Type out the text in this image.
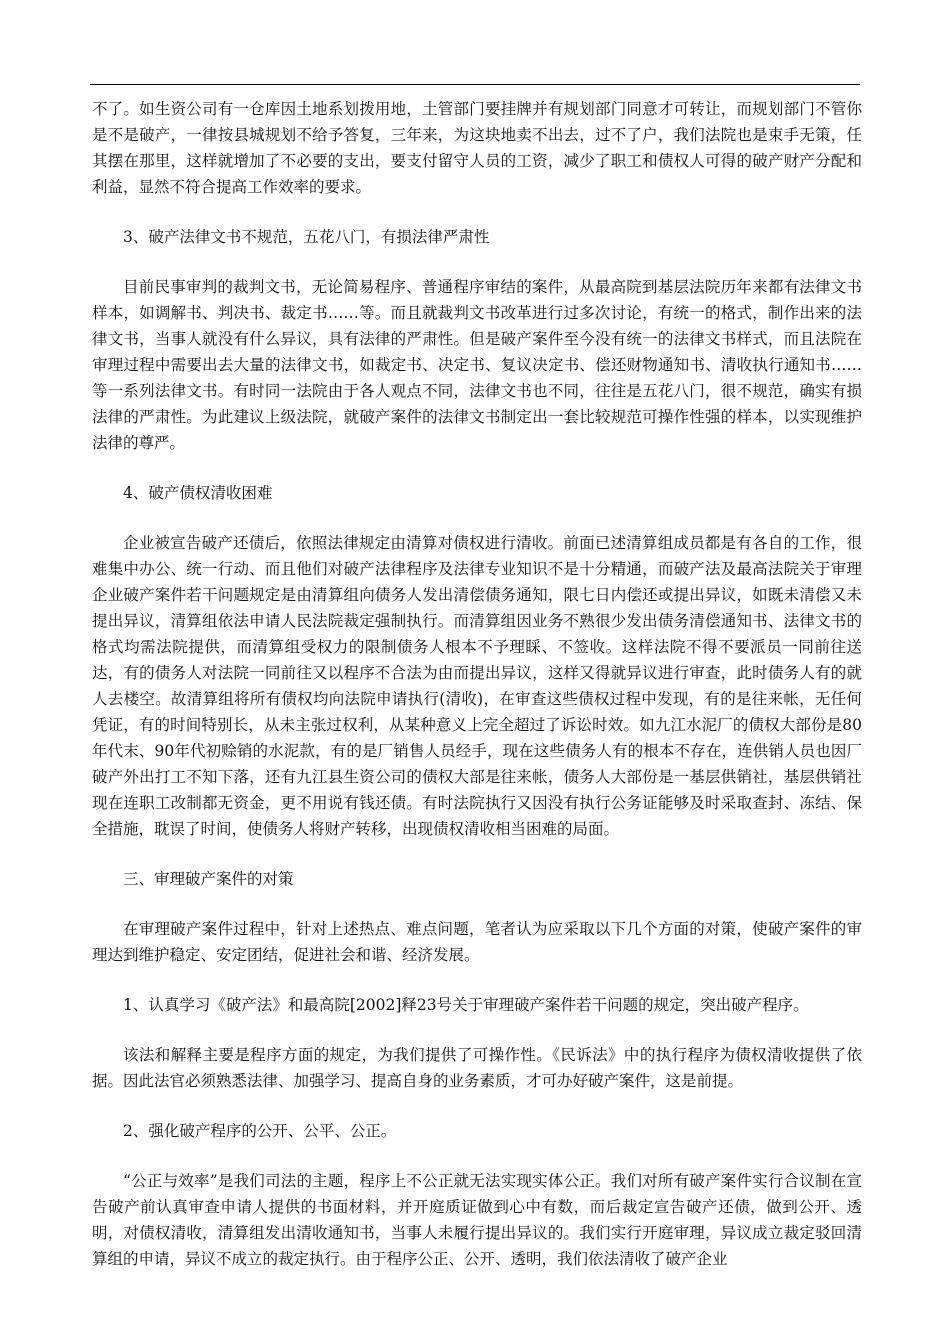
不了。如生资公司有一仓库因土地系划拨用地，土管部门要挂牌并有规划部门同意才可转让，而规划部门不管你是不是破产，一律按县城规划不给予答复，三年来，为这块地卖不出去，过不了户，我们法院也是束手无策，任其摆在那里，这样就增加了不必要的支出，要支付留守人员的工资，减少了职工和债权人可得的破产财产分配和利益，显然不符合提高工作效率的要求。

3、破产法律文书不规范，五花八门，有损法律严肃性

目前民事审判的裁判文书，无论简易程序、普通程序审结的案件，从最高院到基层法院历年来都有法律文书样本，如调解书、判决书、裁定书……等。而且就裁判文书改革进行过多次讨论，有统一的格式，制作出来的法律文书，当事人就没有什么异议，具有法律的严肃性。但是破产案件至今没有统一的法律文书样式，而且法院在审理过程中需要出去大量的法律文书，如裁定书、决定书、复议决定书、偿还财物通知书、清收执行通知书……等一系列法律文书。有时同一法院由于各人观点不同，法律文书也不同，往往是五花八门，很不规范，确实有损法律的严肃性。为此建议上级法院，就破产案件的法律文书制定出一套比较规范可操作性强的样本，以实现维护法律的尊严。

4、破产债权清收困难

企业被宣告破产还债后，依照法律规定由清算对债权进行清收。前面已述清算组成员都是有各自的工作，很难集中办公、统一行动、而且他们对破产法律程序及法律专业知识不是十分精通，而破产法及最高法院关于审理企业破产案件若干问题规定是由清算组向债务人发出清偿债务通知，限七日内偿还或提出异议，如既未清偿又未提出异议，清算组依法申请人民法院裁定强制执行。而清算组因业务不熟很少发出债务清偿通知书、法律文书的格式均需法院提供，而清算组受权力的限制债务人根本不予理睬、不签收。这样法院不得不要派员一同前往送达，有的债务人对法院一同前往又以程序不合法为由而提出异议，这样又得就异议进行审查，此时债务人有的就人去楼空。故清算组将所有债权均向法院申请执行(清收)，在审查这些债权过程中发现，有的是往来帐，无任何凭证，有的时间特别长，从未主张过权利，从某种意义上完全超过了诉讼时效。如九江水泥厂的债权大部份是80年代末、90年代初赊销的水泥款，有的是厂销售人员经手，现在这些债务人有的根本不存在，连供销人员也因厂破产外出打工不知下落，还有九江县生资公司的债权大部是往来帐，债务人大部份是一基层供销社，基层供销社现在连职工改制都无资金，更不用说有钱还债。有时法院执行又因没有执行公务证能够及时采取查封、冻结、保全措施，耽误了时间，使债务人将财产转移，出现债权清收相当困难的局面。

三、审理破产案件的对策

在审理破产案件过程中，针对上述热点、难点问题，笔者认为应采取以下几个方面的对策，使破产案件的审理达到维护稳定、安定团结，促进社会和谐、经济发展。

1、认真学习《破产法》和最高院[2002]释23号关于审理破产案件若干问题的规定，突出破产程序。

该法和解释主要是程序方面的规定，为我们提供了可操作性。《民诉法》中的执行程序为债权清收提供了依据。因此法官必须熟悉法律、加强学习、提高自身的业务素质，才可办好破产案件，这是前提。

2、强化破产程序的公开、公平、公正。

“公正与效率”是我们司法的主题，程序上不公正就无法实现实体公正。我们对所有破产案件实行合议制在宣告破产前认真审查申请人提供的书面材料，并开庭质证做到心中有数，而后裁定宣告破产还债，做到公开、透明，对债权清收，清算组发出清收通知书，当事人未履行提出异议的。我们实行开庭审理，异议成立裁定驳回清算组的申请，异议不成立的裁定执行。由于程序公正、公开、透明，我们依法清收了破产企业
